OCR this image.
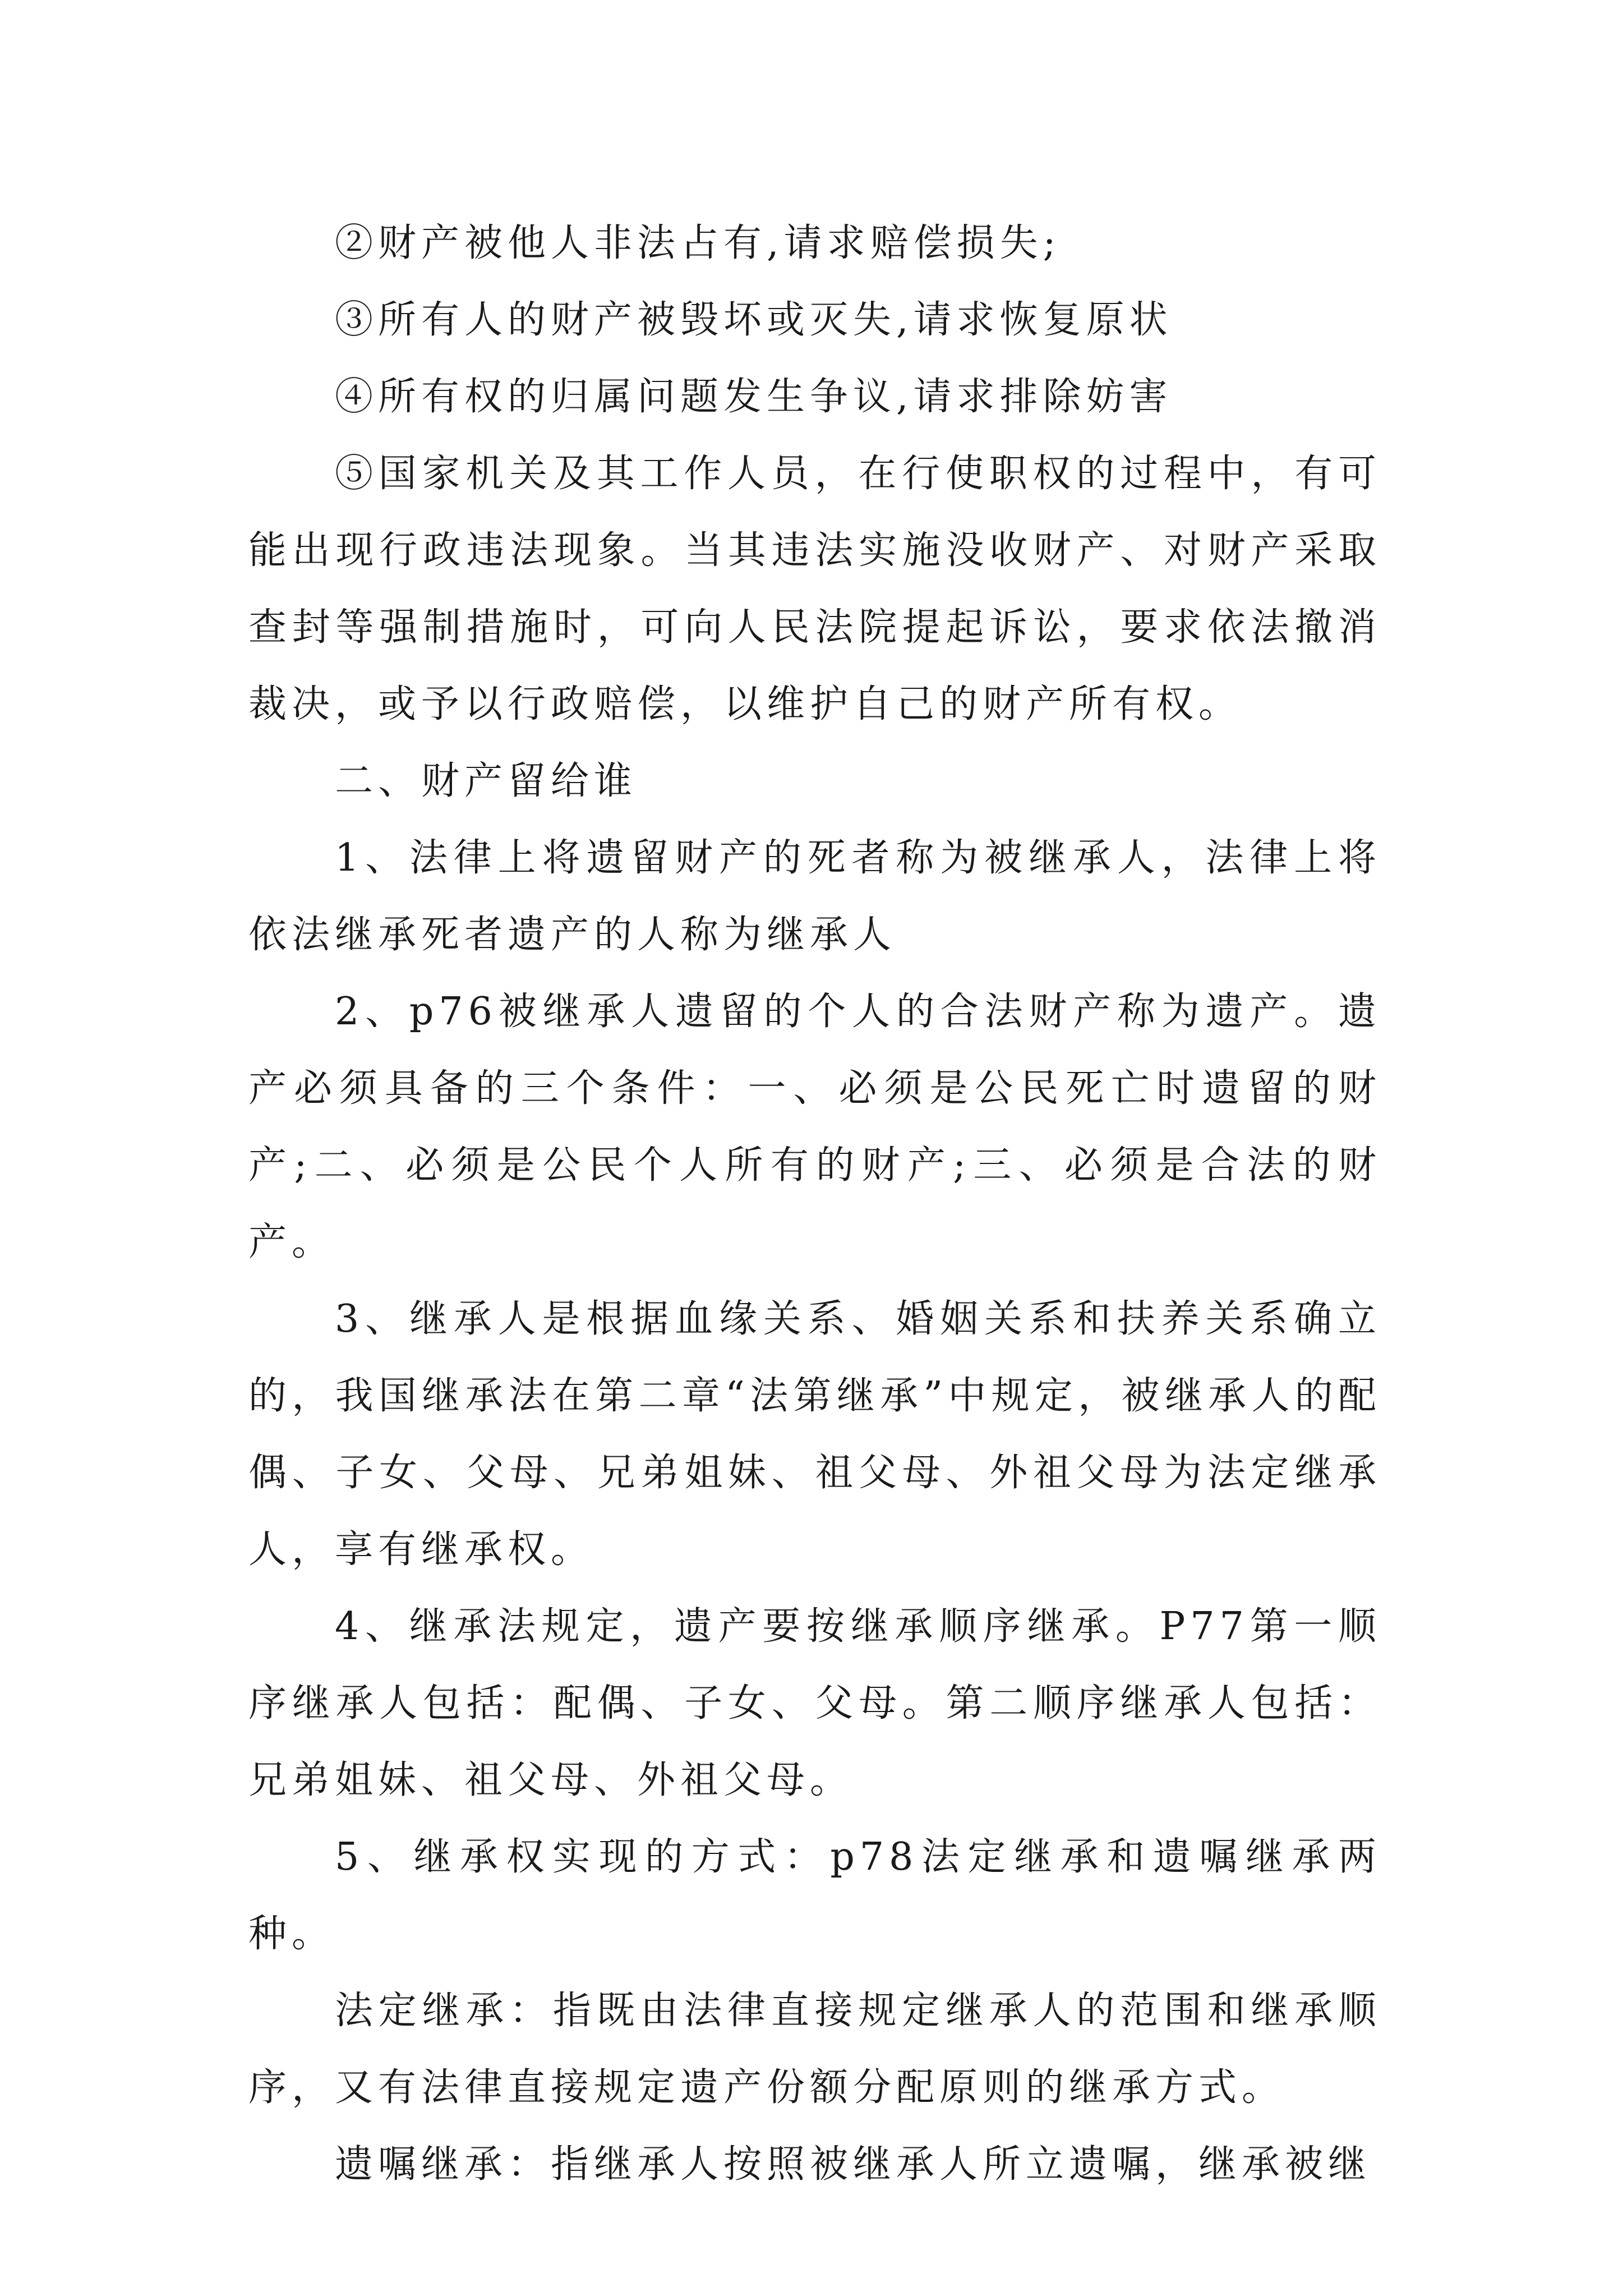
②财产被他人非法占有,请求赔偿损失;

③所有人的财产被毁坏或灭失,请求恢复原状

④所有权的归属问题发生争议,请求排除妨害

⑤国家机关及其工作人员，在行使职权的过程中，有可能出现行政违法现象。当其违法实施没收财产、对财产采取查封等强制措施时，可向人民法院提起诉讼，要求依法撤消裁决，或予以行政赔偿，以维护自己的财产所有权。

二、财产留给谁

1、法律上将遗留财产的死者称为被继承人，法律上将依法继承死者遗产的人称为继承人

2、p76被继承人遗留的个人的合法财产称为遗产。遗产必须具备的三个条件：一、必须是公民死亡时遗留的财产;二、必须是公民个人所有的财产;三、必须是合法的财产。

3、继承人是根据血缘关系、婚姻关系和扶养关系确立的，我国继承法在第二章“法第继承”中规定，被继承人的配偶、子女、父母、兄弟姐妹、祖父母、外祖父母为法定继承人，享有继承权。

4、继承法规定，遗产要按继承顺序继承。P77第一顺序继承人包括：配偶、子女、父母。第二顺序继承人包括：兄弟姐妹、祖父母、外祖父母。

5、继承权实现的方式：p78法定继承和遗嘱继承两种。

法定继承：指既由法律直接规定继承人的范围和继承顺序，又有法律直接规定遗产份额分配原则的继承方式。

遗嘱继承：指继承人按照被继承人所立遗嘱，继承被继
